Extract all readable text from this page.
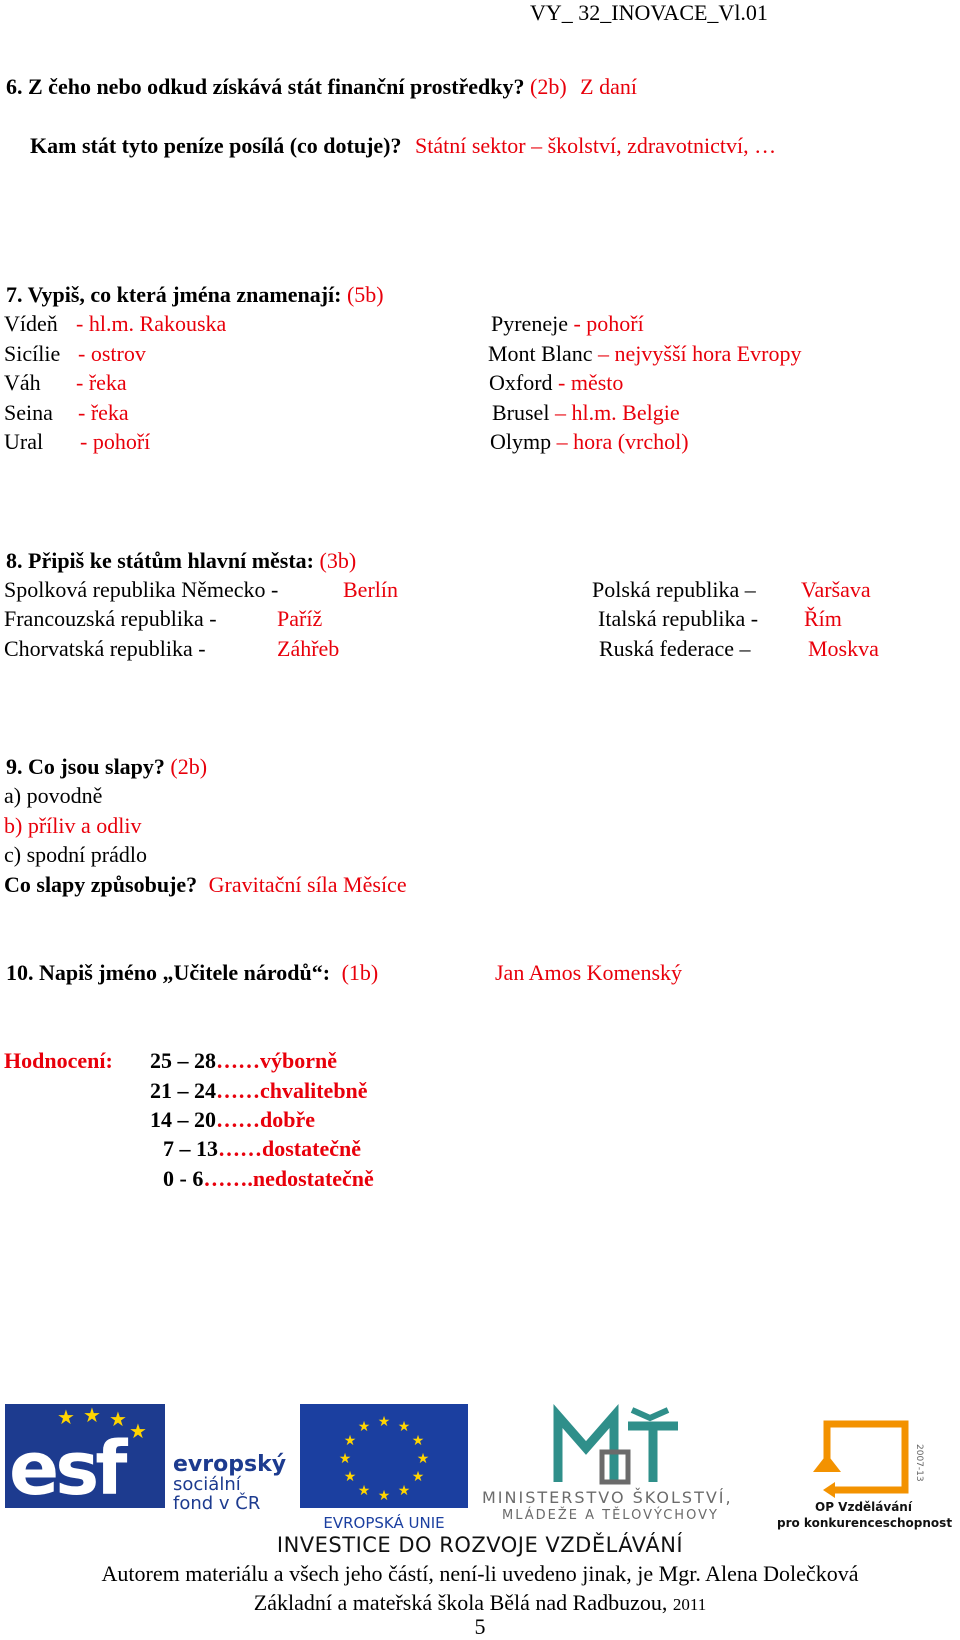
VY_ 32_INOVACE_Vl.01
6. Z čeho nebo odkud získává stát finanční prostředky? (2b) Z daní
Kam stát tyto peníze posílá (co dotuje)? Státní sektor – školství, zdravotnictví, …
7. Vypiš, co která jména znamenají: (5b)
Vídeň - hl.m. Rakouska
Sicílie - ostrov
Váh - řeka
Seina - řeka
Ural - pohoří
Pyreneje - pohoří
Mont Blanc – nejvyšší hora Evropy
Oxford - město
Brusel – hl.m. Belgie
Olymp – hora (vrchol)
8. Připiš ke státům hlavní města: (3b)
Spolková republika Německo -	Berlín
Francouzská republika -	Paříž
Chorvatská republika -	Záhřeb
Polská republika – Varšava
Italská republika - Řím
Ruská federace –	Moskva
9. Co jsou slapy? (2b)
a) povodně
b) příliv a odliv
c) spodní prádlo
Co slapy způsobuje? Gravitační síla Měsíce
10. Napiš jméno „Učitele národů“: (1b)	Jan Amos Komenský
Hodnocení: 25 – 28……výborně
21 – 24……chvalitebně
14 – 20……dobře
7 – 13……dostatečně
0 - 6…….nedostatečně
★ ★ ★
★
esf evropský
sociální
fond v ČR
★ ★
★
★
★
★
★
★
★
★
★
★
EVROPSKÁ UNIE
MINISTERSTVO ŠKOLSTVÍ,
MLÁDEŽE A TĚLOVÝCHOVY
2007-13
OP Vzdělávání
pro konkurenceschopnost
INVESTICE DO ROZVOJE VZDĚLÁVÁNÍ
Autorem materiálu a všech jeho částí, není-li uvedeno jinak, je Mgr. Alena Dolečková
Základní a mateřská škola Bělá nad Radbuzou, 2011
5
